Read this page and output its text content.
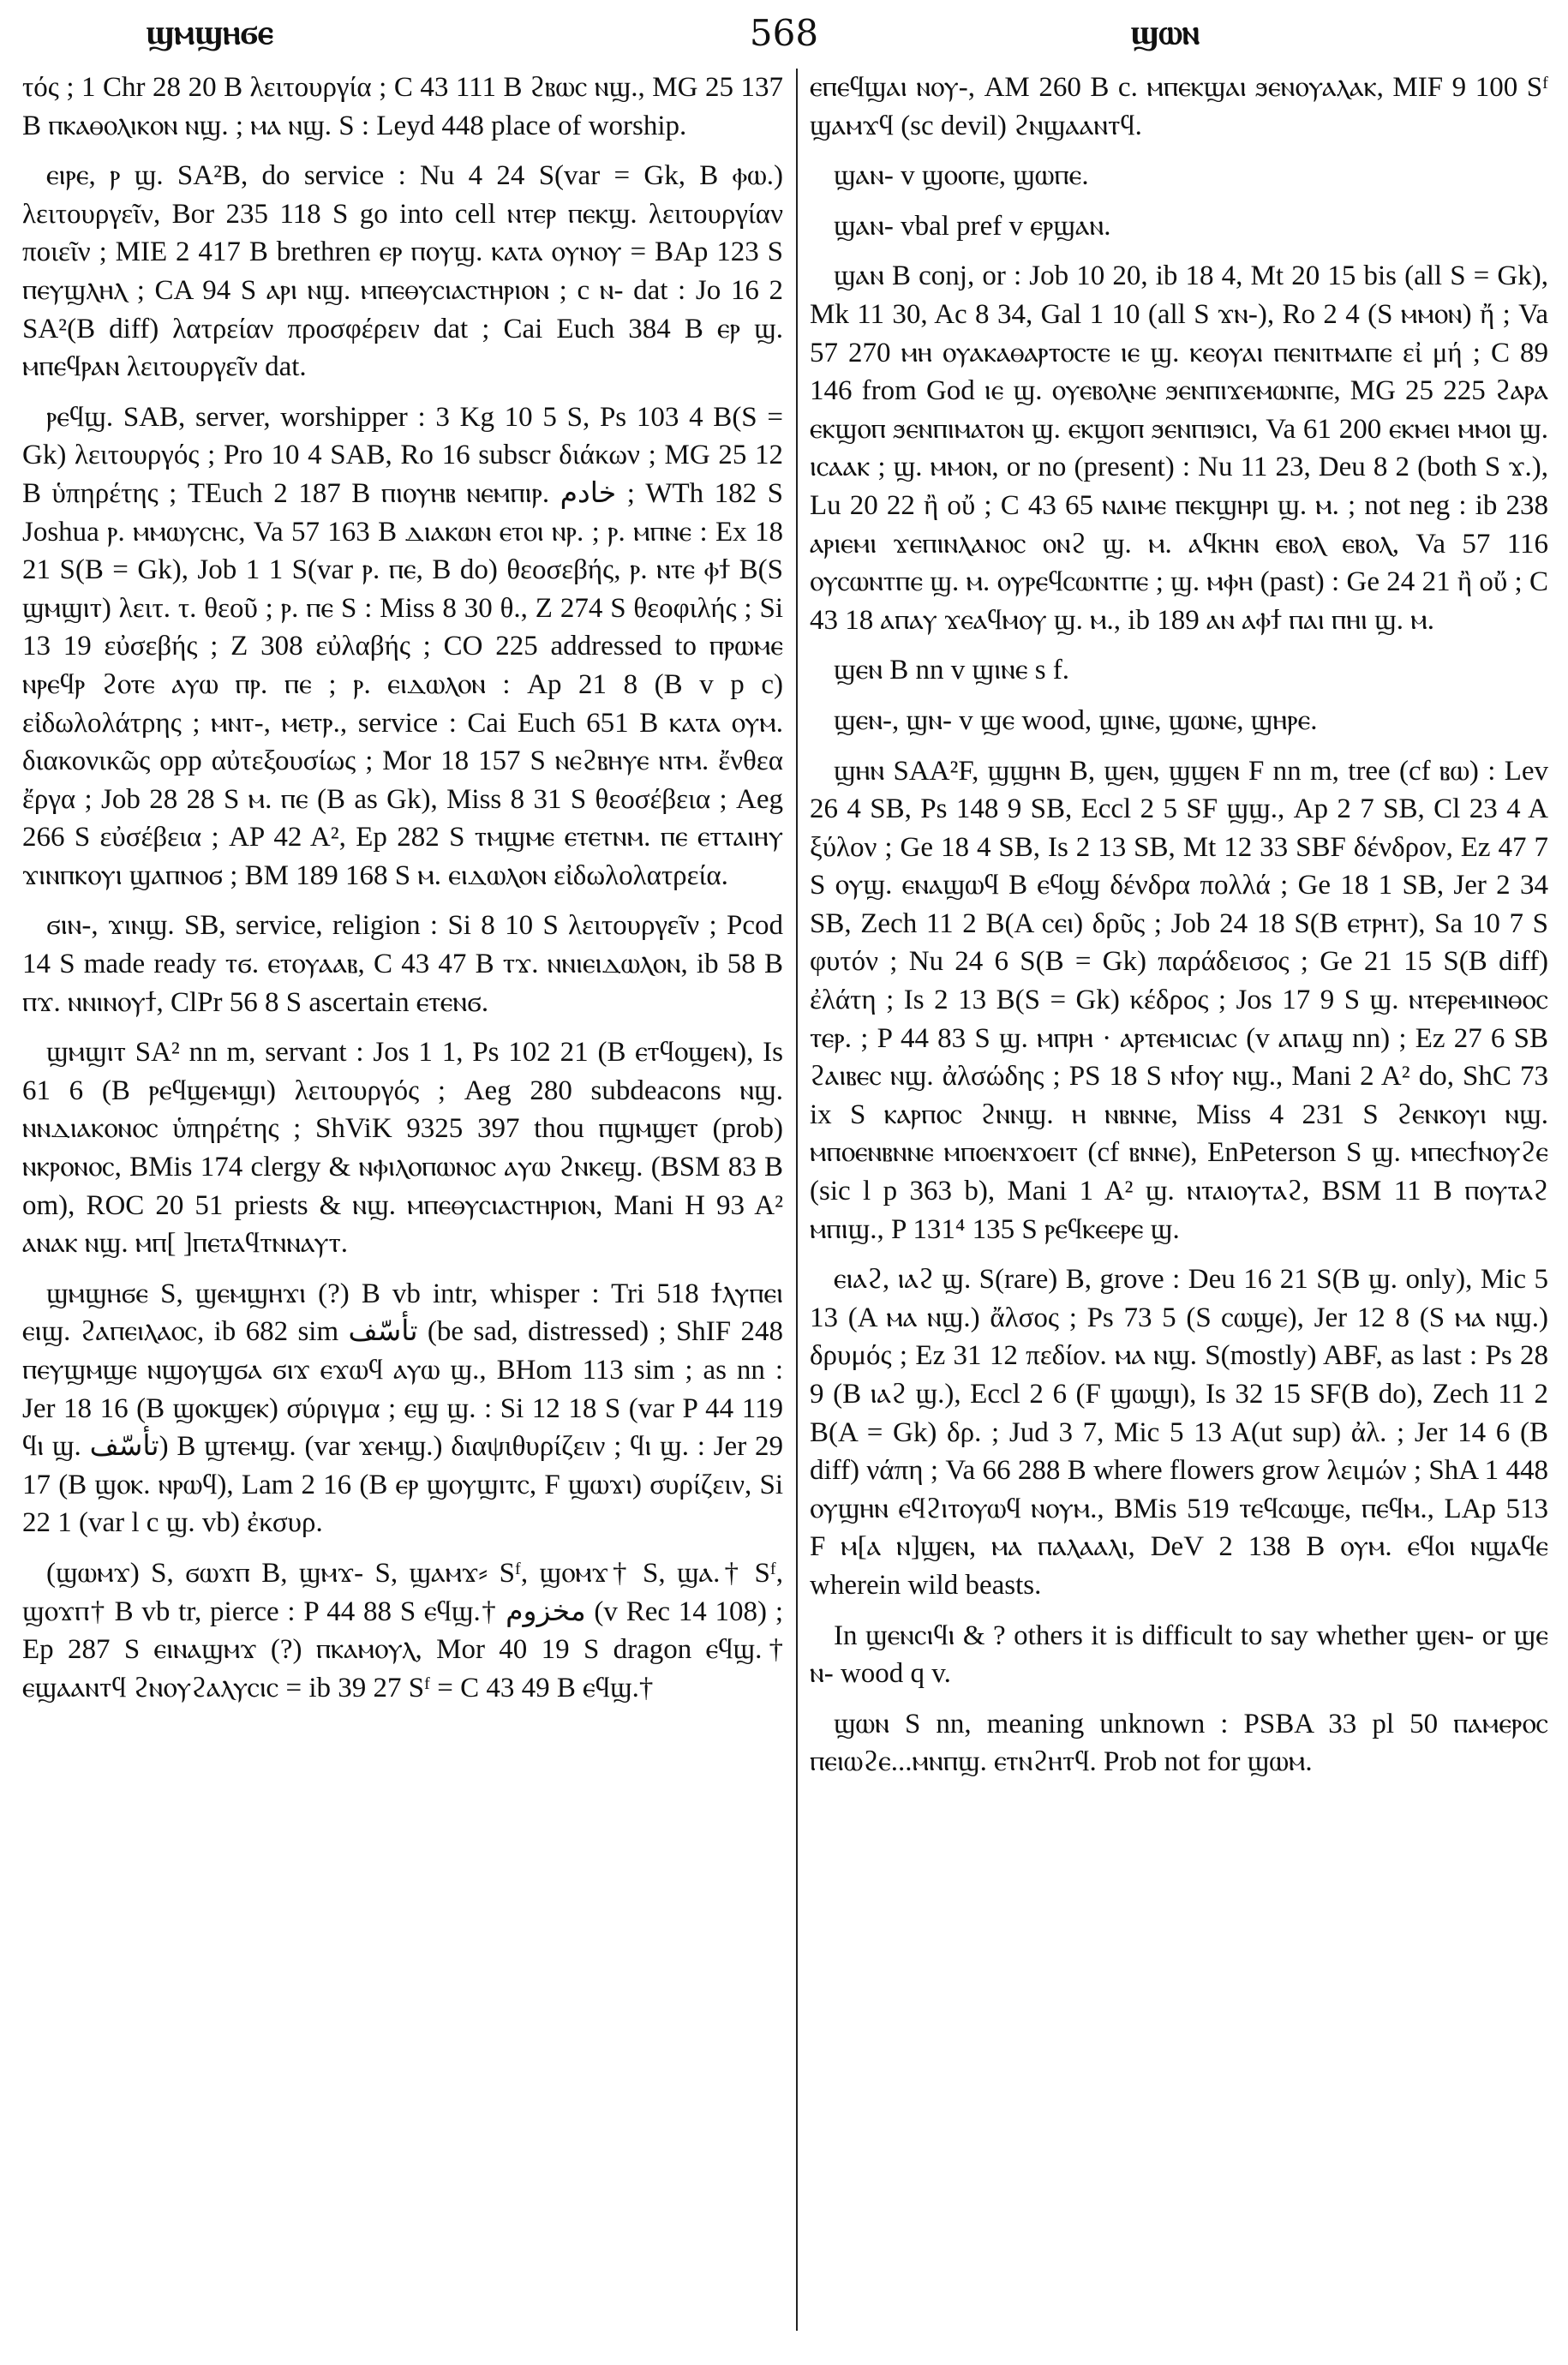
568
ϣⲙϣⲏϭⲉ	ϣⲱⲛ

τός ; 1 Chr 28 20 B λειτουργία ; C 43 111 B ϩⲃⲱⲥ ⲛϣ., MG 25 137 B ⲡⲕⲁⲑⲟⲗⲓⲕⲟⲛ ⲛϣ. ; ⲙⲁ ⲛϣ. S : Leyd 448 place of worship.

ⲉⲓⲣⲉ, ⲣ ϣ. SA²B, do service : Nu 4 24 S(var = Gk, B ⲫⲱ.) λειτουργεῖν, Bor 235 118 S go into cell ⲛⲧⲉⲣ ⲡⲉⲕϣ. λειτουργίαν ποιεῖν ; MIE 2 417 B brethren ⲉⲣ ⲡⲟⲩϣ. ⲕⲁⲧⲁ ⲟⲩⲛⲟⲩ = BAp 123 S ⲡⲉⲩϣⲗⲏⲗ ; CA 94 S ⲁⲣⲓ ⲛϣ. ⲙⲡⲉⲑⲩⲥⲓⲁⲥⲧⲏⲣⲓⲟⲛ ; c ⲛ- dat : Jo 16 2 SA²(B diff) λατρείαν προσφέρειν dat ; Cai Euch 384 B ⲉⲣ ϣ. ⲙⲡⲉϥⲣⲁⲛ λειτουργεῖν dat.

ⲣⲉϥϣ. SAB, server, worshipper : 3 Kg 10 5 S, Ps 103 4 B(S = Gk) λειτουργός ; Pro 10 4 SAB, Ro 16 subscr διάκων ; MG 25 12 B ὑπηρέτης ; TEuch 2 187 B ⲡⲓⲟⲩⲏⲃ ⲛⲉⲙⲡⲓⲣ. خادم ; WTh 182 S Joshua ⲣ. ⲙⲙⲱⲩⲥⲏⲥ, Va 57 163 B ⲇⲓⲁⲕⲱⲛ ⲉⲧⲟⲓ ⲛⲣ. ; ⲣ. ⲙⲡⲛⲉ : Ex 18 21 S(B = Gk), Job 1 1 S(var ⲣ. ⲡⲉ, B do) θεοσεβής, ⲣ. ⲛⲧⲉ ⲫϯ B(S ϣⲙϣⲓⲧ) λειτ. τ. θεοῦ ; ⲣ. ⲡⲉ S : Miss 8 30 θ., Z 274 S θεοφιλής ; Si 13 19 εὐσεβής ; Z 308 εὐλαβής ; CO 225 addressed to ⲡⲣⲱⲙⲉ ⲛⲣⲉϥⲣ ϩⲟⲧⲉ ⲁⲩⲱ ⲡⲣ. ⲡⲉ ; ⲣ. ⲉⲓⲇⲱⲗⲟⲛ : Ap 21 8 (B v p c) εἰδωλολάτρης ; ⲙⲛⲧ-, ⲙⲉⲧⲣ., service : Cai Euch 651 B ⲕⲁⲧⲁ ⲟⲩⲙ. διακονικῶς opp αὐτεξουσίως ; Mor 18 157 S ⲛⲉϩⲃⲏⲩⲉ ⲛⲧⲙ. ἔνθεα ἔργα ; Job 28 28 S ⲙ. ⲡⲉ (B as Gk), Miss 8 31 S θεοσέβεια ; Aeg 266 S εὐσέβεια ; AP 42 A², Ep 282 S ⲧⲙϣⲙⲉ ⲉⲧⲉⲧⲛⲙ. ⲡⲉ ⲉⲧⲧⲁⲓⲏⲩ ϫⲓⲛⲡⲕⲟⲩⲓ ϣⲁⲡⲛⲟϭ ; BM 189 168 S ⲙ. ⲉⲓⲇⲱⲗⲟⲛ εἰδωλολατρεία.

ϭⲓⲛ-, ϫⲓⲛϣ. SB, service, religion : Si 8 10 S λειτουργεῖν ; Pcod 14 S made ready ⲧϭ. ⲉⲧⲟⲩⲁⲁⲃ, C 43 47 B ⲧϫ. ⲛⲛⲓⲉⲓⲇⲱⲗⲟⲛ, ib 58 B ⲡϫ. ⲛⲛⲓⲛⲟⲩϯ, ClPr 56 8 S ascertain ⲉⲧⲉⲛϭ.

ϣⲙϣⲓⲧ SA² nn m, servant : Jos 1 1, Ps 102 21 (B ⲉⲧϥⲟϣⲉⲛ), Is 61 6 (B ⲣⲉϥϣⲉⲙϣⲓ) λειτουργός ; Aeg 280 subdeacons ⲛϣ. ⲛⲛⲇⲓⲁⲕⲟⲛⲟⲥ ὑπηρέτης ; ShViK 9325 397 thou ⲡϣⲙϣⲉⲧ (prob) ⲛⲕⲣⲟⲛⲟⲥ, BMis 174 clergy & ⲛⲫⲓⲗⲟⲡⲱⲛⲟⲥ ⲁⲩⲱ ϩⲛⲕⲉϣ. (BSM 83 B om), ROC 20 51 priests & ⲛϣ. ⲙⲡⲉⲑⲩⲥⲓⲁⲥⲧⲏⲣⲓⲟⲛ, Mani H 93 A² ⲁⲛⲁⲕ ⲛϣ. ⲙⲡ[ ]ⲡⲉⲧⲁϥⲧⲛⲛⲁⲩⲧ.

ϣⲙϣⲏϭⲉ S, ϣⲉⲙϣⲏϫⲓ (?) B vb intr, whisper : Tri 518 ϯⲗⲩⲡⲉⲓ ⲉⲓϣ. ϩⲁⲡⲉⲓⲗⲁⲟⲥ, ib 682 sim تأسّف (be sad, distressed) ; ShIF 248 ⲡⲉⲩϣⲙϣⲉ ⲛϣⲟⲩϣϭⲁ ϭⲓϫ ⲉϫⲱϥ ⲁⲩⲱ ϣ., BHom 113 sim ; as nn : Jer 18 16 (B ϣⲟⲕϣⲉⲕ) σύριγμα ; ⲉϣ ϣ. : Si 12 18 S (var P 44 119 ϥⲓ ϣ. تأسّف) B ϣⲧⲉⲙϣ. (var ϫⲉⲙϣ.) διαψιθυρίζειν ; ϥⲓ ϣ. : Jer 29 17 (B ϣⲟⲕ. ⲛⲣⲱϥ), Lam 2 16 (B ⲉⲣ ϣⲟⲩϣⲓⲧⲥ, F ϣⲱϫⲓ) συρίζειν, Si 22 1 (var l c ϣ. vb) ἐκσυρ.

(ϣⲱⲙϫ) S, ϭⲱϫⲡ B, ϣⲙϫ- S, ϣⲁⲙϫ⸗ Sᶠ, ϣⲟⲙϫ† S, ϣⲁ.† Sᶠ, ϣⲟϫⲡ† B vb tr, pierce : P 44 88 S ⲉϥϣ.† مخزوم (v Rec 14 108) ; Ep 287 S ⲉⲓⲛⲁϣⲙϫ (?) ⲡⲕⲁⲙⲟⲩⲗ, Mor 40 19 S dragon ⲉϥϣ.† ⲉϣⲁⲁⲛⲧϥ ϩⲛⲟⲩϩⲁⲗⲩⲥⲓⲥ = ib 39 27 Sᶠ = C 43 49 B ⲉϥϣ.†

ⲉⲡⲉϥϣⲁⲓ ⲛⲟⲩ-, AM 260 B c. ⲙⲡⲉⲕϣⲁⲓ ϧⲉⲛⲟⲩⲁⲗⲁⲕ, MIF 9 100 Sᶠ ϣⲁⲙϫϥ (sc devil) ϩⲛϣⲁⲁⲛⲧϥ.

ϣⲁⲛ- v ϣⲟⲟⲡⲉ, ϣⲱⲡⲉ.

ϣⲁⲛ- vbal pref v ⲉⲣϣⲁⲛ.

ϣⲁⲛ B conj, or : Job 10 20, ib 18 4, Mt 20 15 bis (all S = Gk), Mk 11 30, Ac 8 34, Gal 1 10 (all S ϫⲛ-), Ro 2 4 (S ⲙⲙⲟⲛ) ἤ ; Va 57 270 ⲙⲏ ⲟⲩⲁⲕⲁⲑⲁⲣⲧⲟⲥⲧⲉ ⲓⲉ ϣ. ⲕⲉⲟⲩⲁⲓ ⲡⲉⲛⲓⲧⲙⲁⲡⲉ εἰ μή ; C 89 146 from God ⲓⲉ ϣ. ⲟⲩⲉⲃⲟⲗⲛⲉ ϧⲉⲛⲡⲓϫⲉⲙⲱⲛⲡⲉ, MG 25 225 ϩⲁⲣⲁ ⲉⲕϣⲟⲡ ϧⲉⲛⲡⲓⲙⲁⲧⲟⲛ ϣ. ⲉⲕϣⲟⲡ ϧⲉⲛⲡⲓϧⲓⲥⲓ, Va 61 200 ⲉⲕⲙⲉⲓ ⲙⲙⲟⲓ ϣ. ⲓⲥⲁⲁⲕ ; ϣ. ⲙⲙⲟⲛ, or no (present) : Nu 11 23, Deu 8 2 (both S ϫ.), Lu 20 22 ἢ οὔ ; C 43 65 ⲛⲁⲓⲙⲉ ⲡⲉⲕϣⲏⲣⲓ ϣ. ⲙ. ; not neg : ib 238 ⲁⲣⲓⲉⲙⲓ ϫⲉⲡⲓⲛⲗⲁⲛⲟⲥ ⲟⲛϩ ϣ. ⲙ. ⲁϥⲕⲏⲛ ⲉⲃⲟⲗ ⲉⲃⲟⲗ, Va 57 116 ⲟⲩⲥⲱⲛⲧⲡⲉ ϣ. ⲙ. ⲟⲩⲣⲉϥⲥⲱⲛⲧⲡⲉ ; ϣ. ⲙⲫⲏ (past) : Ge 24 21 ἢ οὔ ; C 43 18 ⲁⲡⲁⲩ ϫⲉⲁϥⲙⲟⲩ ϣ. ⲙ., ib 189 ⲁⲛ ⲁⲫϯ ⲡⲁⲓ ⲡⲏⲓ ϣ. ⲙ.

ϣⲉⲛ B nn v ϣⲓⲛⲉ s f.

ϣⲉⲛ-, ϣⲛ- v ϣⲉ wood, ϣⲓⲛⲉ, ϣⲱⲛⲉ, ϣⲏⲣⲉ.

ϣⲏⲛ SAA²F, ϣϣⲏⲛ B, ϣⲉⲛ, ϣϣⲉⲛ F nn m, tree (cf ⲃⲱ) : Lev 26 4 SB, Ps 148 9 SB, Eccl 2 5 SF ϣϣ., Ap 2 7 SB, Cl 23 4 A ξύλον ; Ge 18 4 SB, Is 2 13 SB, Mt 12 33 SBF δένδρον, Ez 47 7 S ⲟⲩϣ. ⲉⲛⲁϣⲱϥ B ⲉϥⲟϣ δένδρα πολλά ; Ge 18 1 SB, Jer 2 34 SB, Zech 11 2 B(A ⲥⲉⲓ) δρῦς ; Job 24 18 S(B ⲉⲧⲣⲏⲧ), Sa 10 7 S φυτόν ; Nu 24 6 S(B = Gk) παράδεισος ; Ge 21 15 S(B diff) ἐλάτη ; Is 2 13 B(S = Gk) κέδρος ; Jos 17 9 S ϣ. ⲛⲧⲉⲣⲉⲙⲓⲛⲑⲟⲥ ⲧⲉⲣ. ; P 44 83 S ϣ. ⲙⲡⲣⲏ · ⲁⲣⲧⲉⲙⲓⲥⲓⲁⲥ (v ⲁⲡⲁϣ nn) ; Ez 27 6 SB ϩⲁⲓⲃⲉⲥ ⲛϣ. ἀλσώδης ; PS 18 S ⲛϯⲟⲩ ⲛϣ., Mani 2 A² do, ShC 73 ix S ⲕⲁⲣⲡⲟⲥ ϩⲛⲛϣ. ⲏ ⲛⲃⲛⲛⲉ, Miss 4 231 S ϩⲉⲛⲕⲟⲩⲓ ⲛϣ. ⲙⲡⲟⲉⲛⲃⲛⲛⲉ ⲙⲡⲟⲉⲛϫⲟⲉⲓⲧ (cf ⲃⲛⲛⲉ), EnPeterson S ϣ. ⲙⲡⲉⲥϯⲛⲟⲩϩⲉ (sic l p 363 b), Mani 1 A² ϣ. ⲛⲧⲁⲓⲟⲩⲧⲁϩ, BSM 11 B ⲡⲟⲩⲧⲁϩ ⲙⲡⲓϣ., P 131⁴ 135 S ⲣⲉϥⲕⲉⲉⲣⲉ ϣ.

ⲉⲓⲁϩ, ⲓⲁϩ ϣ. S(rare) B, grove : Deu 16 21 S(B ϣ. only), Mic 5 13 (A ⲙⲁ ⲛϣ.) ἄλσος ; Ps 73 5 (S ⲥⲱϣⲉ), Jer 12 8 (S ⲙⲁ ⲛϣ.) δρυμός ; Ez 31 12 πεδίον. ⲙⲁ ⲛϣ. S(mostly) ABF, as last : Ps 28 9 (B ⲓⲁϩ ϣ.), Eccl 2 6 (F ϣⲱϣⲓ), Is 32 15 SF(B do), Zech 11 2 B(A = Gk) δρ. ; Jud 3 7, Mic 5 13 A(ut sup) ἀλ. ; Jer 14 6 (B diff) νάπη ; Va 66 288 B where flowers grow λειμών ; ShA 1 448 ⲟⲩϣⲏⲛ ⲉϥϩⲓⲧⲟⲩⲱϥ ⲛⲟⲩⲙ., BMis 519 ⲧⲉϥⲥⲱϣⲉ, ⲡⲉϥⲙ., LAp 513 F ⲙ[ⲁ ⲛ]ϣⲉⲛ, ⲙⲁ ⲡⲁⲗⲁⲁⲗⲓ, DeV 2 138 B ⲟⲩⲙ. ⲉϥⲟⲓ ⲛϣⲁϥⲉ wherein wild beasts.

In ϣⲉⲛⲥⲓϥⲓ & ? others it is difficult to say whether ϣⲉⲛ- or ϣⲉ ⲛ- wood q v.

ϣⲱⲛ S nn, meaning unknown : PSBA 33 pl 50 ⲡⲁⲙⲉⲣⲟⲥ ⲡⲉⲓⲱϩⲉ...ⲙⲛⲡϣ. ⲉⲧⲛϩⲏⲧϥ. Prob not for ϣⲱⲙ.
